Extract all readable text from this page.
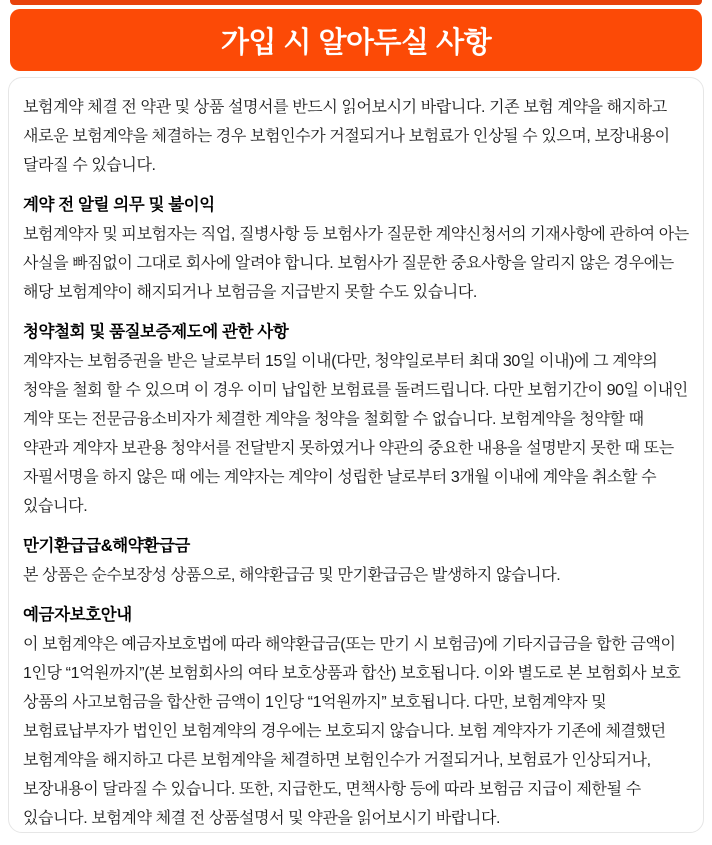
가입 시 알아두실 사항

보험계약 체결 전 약관 및 상품 설명서를 반드시 읽어보시기 바랍니다. 기존 보험 계약을 해지하고 새로운 보험계약을 체결하는 경우 보험인수가 거절되거나 보험료가 인상될 수 있으며, 보장내용이 달라질 수 있습니다.

계약 전 알릴 의무 및 불이익

보험계약자 및 피보험자는 직업, 질병사항 등 보험사가 질문한 계약신청서의 기재사항에 관하여 아는 사실을 빠짐없이 그대로 회사에 알려야 합니다. 보험사가 질문한 중요사항을 알리지 않은 경우에는 해당 보험계약이 해지되거나 보험금을 지급받지 못할 수도 있습니다.

청약철회 및 품질보증제도에 관한 사항

계약자는 보험증권을 받은 날로부터 15일 이내(다만, 청약일로부터 최대 30일 이내)에 그 계약의 청약을 철회 할 수 있으며 이 경우 이미 납입한 보험료를 돌려드립니다. 다만 보험기간이 90일 이내인 계약 또는 전문금융소비자가 체결한 계약을 청약을 철회할 수 없습니다. 보험계약을 청약할 때 약관과 계약자 보관용 청약서를 전달받지 못하였거나 약관의 중요한 내용을 설명받지 못한 때 또는 자필서명을 하지 않은 때 에는 계약자는 계약이 성립한 날로부터 3개월 이내에 계약을 취소할 수 있습니다.

만기환급급&해약환급금

본 상품은 순수보장성 상품으로, 해약환급금 및 만기환급금은 발생하지 않습니다.

예금자보호안내

이 보험계약은 예금자보호법에 따라 해약환급금(또는 만기 시 보험금)에 기타지급금을 합한 금액이 1인당 “1억원까지”(본 보험회사의 여타 보호상품과 합산) 보호됩니다. 이와 별도로 본 보험회사 보호 상품의 사고보험금을 합산한 금액이 1인당 “1억원까지” 보호됩니다. 다만, 보험계약자 및 보험료납부자가 법인인 보험계약의 경우에는 보호되지 않습니다. 보험 계약자가 기존에 체결했던 보험계약을 해지하고 다른 보험계약을 체결하면 보험인수가 거절되거나, 보험료가 인상되거나, 보장내용이 달라질 수 있습니다. 또한, 지급한도, 면책사항 등에 따라 보험금 지급이 제한될 수 있습니다. 보험계약 체결 전 상품설명서 및 약관을 읽어보시기 바랍니다.
